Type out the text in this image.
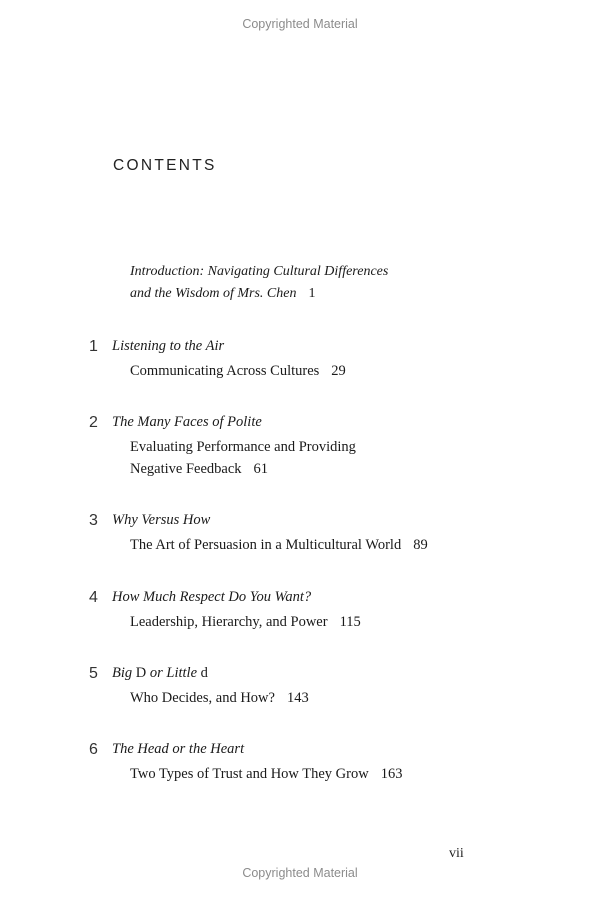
Copyrighted Material
CONTENTS
Introduction: Navigating Cultural Differences
and the Wisdom of Mrs. Chen 1
1 Listening to the Air
Communicating Across Cultures 29
2 The Many Faces of Polite
Evaluating Performance and Providing
Negative Feedback 61
3 Why Versus How
The Art of Persuasion in a Multicultural World 89
4 How Much Respect Do You Want?
Leadership, Hierarchy, and Power 115
5 Big D or Little d
Who Decides, and How? 143
6 The Head or the Heart
Two Types of Trust and How They Grow 163
vii
Copyrighted Material
